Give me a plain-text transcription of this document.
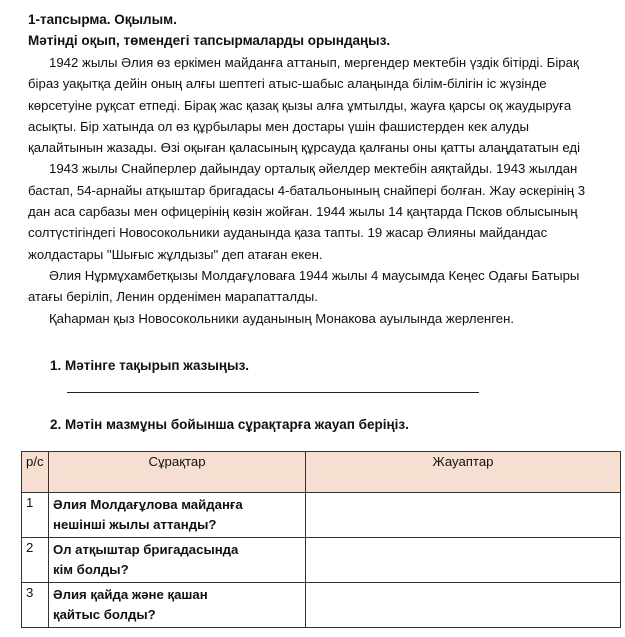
1-тапсырма. Оқылым.
Мәтінді оқып, төмендегі тапсырмаларды орындаңыз.
1942 жылы Әлия өз еркімен майданға аттанып, мергендер мектебін үздік бітірді. Бірақ
біраз уақытқа дейін оның алғы шептегі атыс-шабыс алаңында білім-білігін іс жүзінде
көрсетуіне рұқсат етпеді. Бірақ жас қазақ қызы алға ұмтылды, жауға қарсы оқ жаудыруға
асықты. Бір хатында ол өз құрбылары мен достары үшін фашистерден кек алуды
қалайтынын жазады. Өзі оқыған қаласының құрсауда қалғаны оны қатты алаңдататын еді
1943 жылы Снайперлер дайындау орталық әйелдер мектебін аяқтайды. 1943 жылдан
бастап, 54-арнайы атқыштар бригадасы 4-батальонының снайпері болған. Жау әскерінің 3
дан аса сарбазы мен офицерінің көзін жойған. 1944 жылы 14 қаңтарда Псков облысының
солтүстігіндегі Новосокольники ауданында қаза тапты. 19 жасар Әлияны майдандас
жолдастары "Шығыс жұлдызы" деп атаған екен.
Әлия Нұрмұхамбетқызы Молдағұловаға 1944 жылы 4 маусымда Кеңес Одағы Батыры
атағы беріліп, Ленин орденімен марапатталды.
Қаһарман қыз Новосокольники ауданының Монакова ауылында жерленген.
1. Мәтінге тақырып жазыңыз.
2. Мәтін мазмұны бойынша сұрақтарға жауап беріңіз.
р/с	Сұрақтар	Жауаптар
1	Әлия Молдағұлова майданға
нешінші жылы аттанды?	

2	Ол атқыштар бригадасында
кім болды?	

3	Әлия қайда және қашан
қайтыс болды?	
